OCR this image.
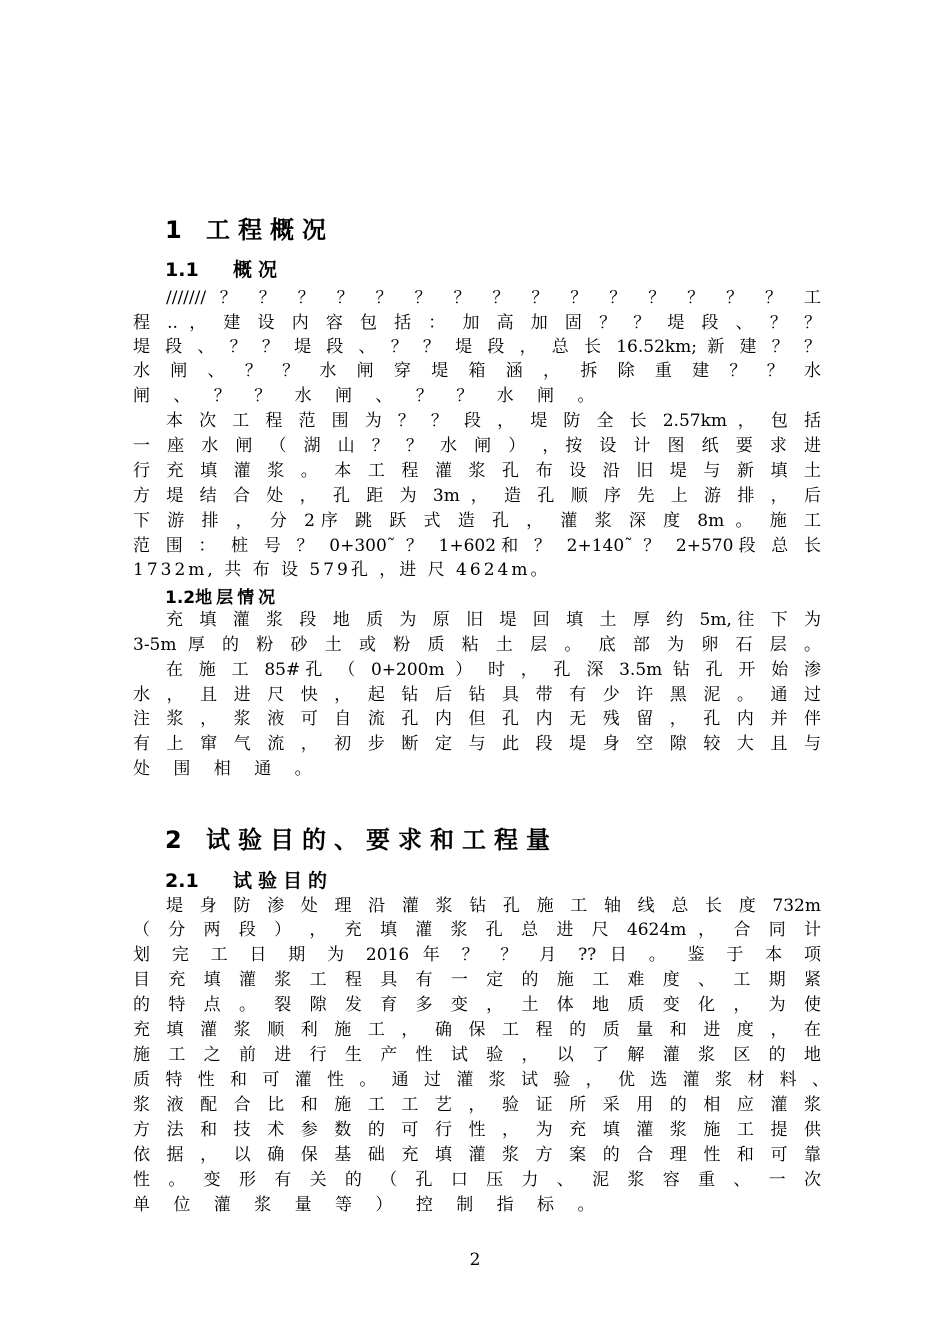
1 工程概况
1.1 概况
/////// ？ ？ ？ ？ ？ ？ ？ ？ ？ ？ ？ ？ ？ ？ ？ 工
程 .. ， 建 设 内 容 包 括 ： 加 高 加 固 ？ ？ 堤 段 、 ？ ？
堤 段 、 ？ ？ 堤 段 、 ？ ？ 堤 段 ， 总 长 16.52km; 新 建 ？ ？
水 闸 、 ？ ？ 水 闸 穿 堤 箱 涵 ， 拆 除 重 建 ？ ？ 水
闸 、 ？ ？ 水 闸 、 ？ ？ 水 闸 。
本 次 工 程 范 围 为 ？ ？ 段 ， 堤 防 全 长 2.57km ， 包 括
一 座 水 闸 （ 湖 山 ？ ？ 水 闸 ） ，按 设 计 图 纸 要 求 进
行 充 填 灌 浆 。 本 工 程 灌 浆 孔 布 设 沿 旧 堤 与 新 填 土
方 堤 结 合 处 ， 孔 距 为 3m ， 造 孔 顺 序 先 上 游 排 ， 后
下 游 排 ， 分 2序 跳 跃 式 造 孔 ， 灌 浆 深 度 8m 。 施 工
范 围 ： 桩 号 ？ 0+300˜ ？ 1+602和 ？ 2+140˜ ？ 2+570段 总 长
1732m, 共 布 设 579孔 ，进 尺 4624m。
1.2地层情况
充 填 灌 浆 段 地 质 为 原 旧 堤 回 填 土 厚 约 5m,往 下 为
3-5m 厚 的 粉 砂 土 或 粉 质 粘 土 层 。 底 部 为 卵 石 层 。
在 施 工 85#孔 （ 0+200m ） 时 ， 孔 深 3.5m 钻 孔 开 始 渗
水 ， 且 进 尺 快 ， 起 钻 后 钻 具 带 有 少 许 黑 泥 。 通 过
注 浆 ， 浆 液 可 自 流 孔 内 但 孔 内 无 残 留 ， 孔 内 并 伴
有 上 窜 气 流 ， 初 步 断 定 与 此 段 堤 身 空 隙 较 大 且 与
处 围 相 通 。
2 试验目的、要求和工程量
2.1 试验目的
堤 身 防 渗 处 理 沿 灌 浆 钻 孔 施 工 轴 线 总 长 度 732m
（ 分 两 段 ） ， 充 填 灌 浆 孔 总 进 尺 4624m ， 合 同 计
划 完 工 日 期 为 2016 年 ？ ？ 月 ?? 日 。 鉴 于 本 项
目 充 填 灌 浆 工 程 具 有 一 定 的 施 工 难 度 、 工 期 紧
的 特 点 。 裂 隙 发 育 多 变 ， 土 体 地 质 变 化 ， 为 使
充 填 灌 浆 顺 利 施 工 ， 确 保 工 程 的 质 量 和 进 度 ， 在
施 工 之 前 进 行 生 产 性 试 验 ， 以 了 解 灌 浆 区 的 地
质 特 性 和 可 灌 性 。 通 过 灌 浆 试 验 ， 优 选 灌 浆 材 料 、
浆 液 配 合 比 和 施 工 工 艺 ， 验 证 所 采 用 的 相 应 灌 浆
方 法 和 技 术 参 数 的 可 行 性 ， 为 充 填 灌 浆 施 工 提 供
依 据 ， 以 确 保 基 础 充 填 灌 浆 方 案 的 合 理 性 和 可 靠
性 。 变 形 有 关 的 （ 孔 口 压 力 、 泥 浆 容 重 、 一 次
单 位 灌 浆 量 等 ） 控 制 指 标 。
2
